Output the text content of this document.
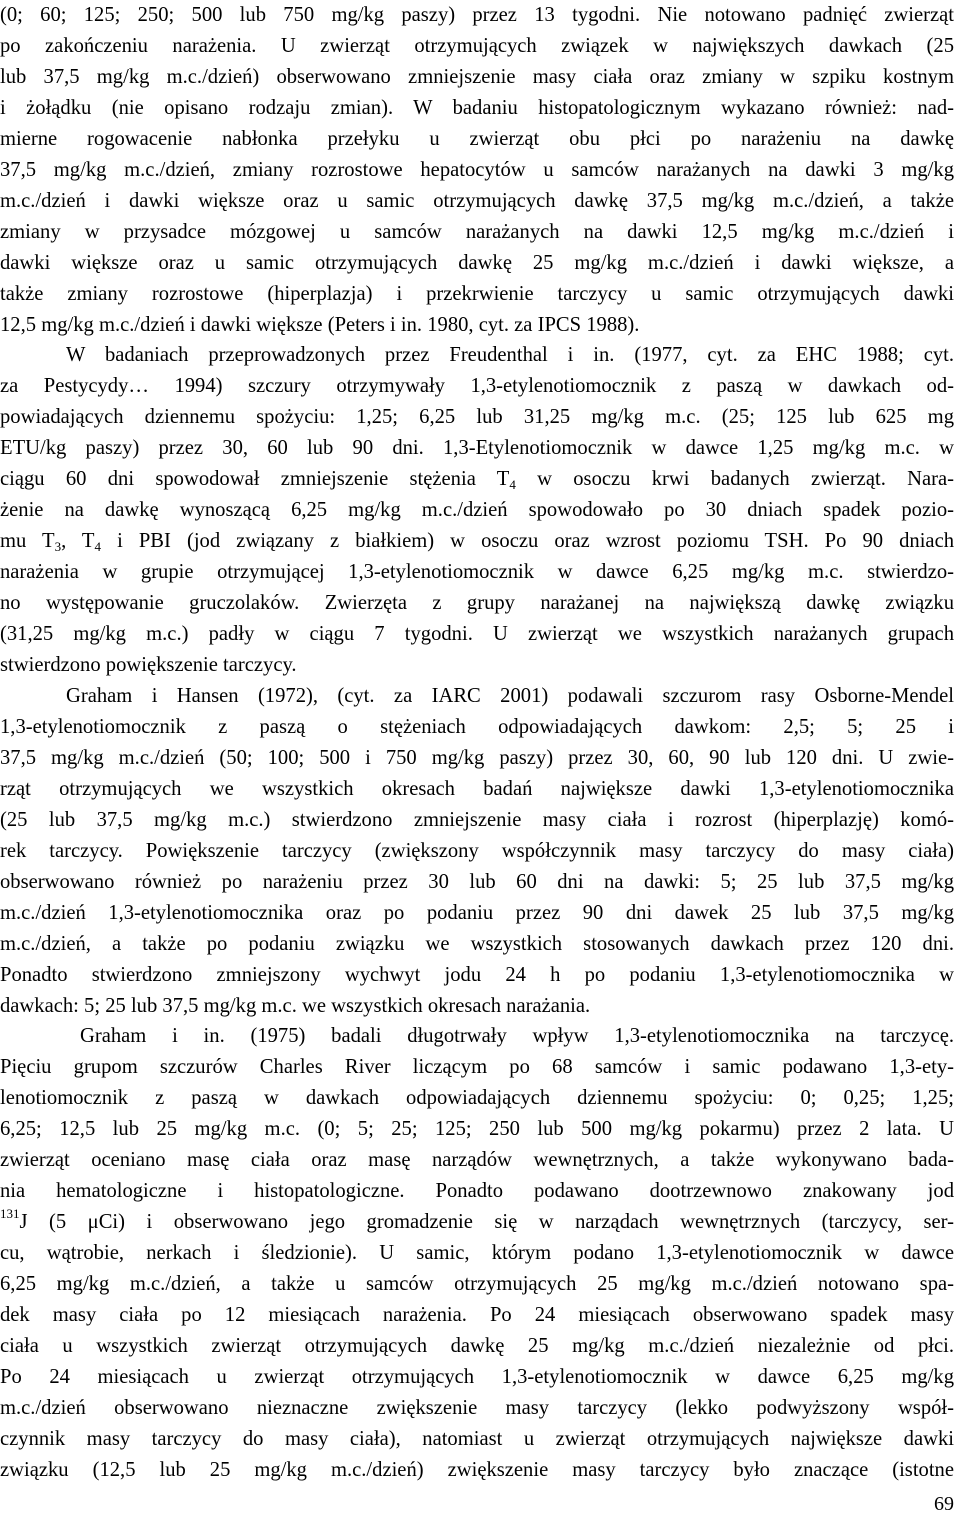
(0; 60; 125; 250; 500 lub 750 mg/kg paszy) przez 13 tygodni. Nie notowano padnięć zwierząt
po zakończeniu narażenia. U zwierząt otrzymujących związek w największych dawkach (25
lub 37,5 mg/kg m.c./dzień) obserwowano zmniejszenie masy ciała oraz zmiany w szpiku kostnym
i żołądku (nie opisano rodzaju zmian). W badaniu histopatologicznym wykazano również: nad-
mierne rogowacenie nabłonka przełyku u zwierząt obu płci po narażeniu na dawkę
37,5 mg/kg m.c./dzień, zmiany rozrostowe hepatocytów u samców narażanych na dawki 3 mg/kg
m.c./dzień i dawki większe oraz u samic otrzymujących dawkę 37,5 mg/kg m.c./dzień, a także
zmiany w przysadce mózgowej u samców narażanych na dawki 12,5 mg/kg m.c./dzień i
dawki większe oraz u samic otrzymujących dawkę 25 mg/kg m.c./dzień i dawki większe, a
także zmiany rozrostowe (hiperplazja) i przekrwienie tarczycy u samic otrzymujących dawki
12,5 mg/kg m.c./dzień i dawki większe (Peters i in. 1980, cyt. za IPCS 1988).
W badaniach przeprowadzonych przez Freudenthal i in. (1977, cyt. za EHC 1988; cyt.
za Pestycydy… 1994) szczury otrzymywały 1,3-etylenotiomocznik z paszą w dawkach od-
powiadających dziennemu spożyciu: 1,25; 6,25 lub 31,25 mg/kg m.c. (25; 125 lub 625 mg
ETU/kg paszy) przez 30, 60 lub 90 dni. 1,3-Etylenotiomocznik w dawce 1,25 mg/kg m.c. w
ciągu 60 dni spowodował zmniejszenie stężenia $T_4$ w osoczu krwi badanych zwierząt. Nara-
żenie na dawkę wynoszącą 6,25 mg/kg m.c./dzień spowodowało po 30 dniach spadek pozio-
mu $T_3$, $T_4$ i PBI (jod związany z białkiem) w osoczu oraz wzrost poziomu TSH. Po 90 dniach
narażenia w grupie otrzymującej 1,3-etylenotiomocznik w dawce 6,25 mg/kg m.c. stwierdzo-
no występowanie gruczolaków. Zwierzęta z grupy narażanej na największą dawkę związku
(31,25 mg/kg m.c.) padły w ciągu 7 tygodni. U zwierząt we wszystkich narażanych grupach
stwierdzono powiększenie tarczycy.
Graham i Hansen (1972), (cyt. za IARC 2001) podawali szczurom rasy Osborne-Mendel
1,3-etylenotiomocznik z paszą o stężeniach odpowiadających dawkom: 2,5; 5; 25 i
37,5 mg/kg m.c./dzień (50; 100; 500 i 750 mg/kg paszy) przez 30, 60, 90 lub 120 dni. U zwie-
rząt otrzymujących we wszystkich okresach badań największe dawki 1,3-etylenotiomocznika
(25 lub 37,5 mg/kg m.c.) stwierdzono zmniejszenie masy ciała i rozrost (hiperplazję) komó-
rek tarczycy. Powiększenie tarczycy (zwiększony współczynnik masy tarczycy do masy ciała)
obserwowano również po narażeniu przez 30 lub 60 dni na dawki: 5; 25 lub 37,5 mg/kg
m.c./dzień 1,3-etylenotiomocznika oraz po podaniu przez 90 dni dawek 25 lub 37,5 mg/kg
m.c./dzień, a także po podaniu związku we wszystkich stosowanych dawkach przez 120 dni.
Ponadto stwierdzono zmniejszony wychwyt jodu 24 h po podaniu 1,3-etylenotiomocznika w
dawkach: 5; 25 lub 37,5 mg/kg m.c. we wszystkich okresach narażania.
Graham i in. (1975) badali długotrwały wpływ 1,3-etylenotiomocznika na tarczycę.
Pięciu grupom szczurów Charles River liczącym po 68 samców i samic podawano 1,3-ety-
lenotiomocznik z paszą w dawkach odpowiadających dziennemu spożyciu: 0; 0,25; 1,25;
6,25; 12,5 lub 25 mg/kg m.c. (0; 5; 25; 125; 250 lub 500 mg/kg pokarmu) przez 2 lata. U
zwierząt oceniano masę ciała oraz masę narządów wewnętrznych, a także wykonywano bada-
nia hematologiczne i histopatologiczne. Ponadto podawano dootrzewnowo znakowany jod
$^{131}$J (5 μCi) i obserwowano jego gromadzenie się w narządach wewnętrznych (tarczycy, ser-
cu, wątrobie, nerkach i śledzionie). U samic, którym podano 1,3-etylenotiomocznik w dawce
6,25 mg/kg m.c./dzień, a także u samców otrzymujących 25 mg/kg m.c./dzień notowano spa-
dek masy ciała po 12 miesiącach narażenia. Po 24 miesiącach obserwowano spadek masy
ciała u wszystkich zwierząt otrzymujących dawkę 25 mg/kg m.c./dzień niezależnie od płci.
Po 24 miesiącach u zwierząt otrzymujących 1,3-etylenotiomocznik w dawce 6,25 mg/kg
m.c./dzień obserwowano nieznaczne zwiększenie masy tarczycy (lekko podwyższony współ-
czynnik masy tarczycy do masy ciała), natomiast u zwierząt otrzymujących największe dawki
związku (12,5 lub 25 mg/kg m.c./dzień) zwiększenie masy tarczycy było znaczące (istotne
69
